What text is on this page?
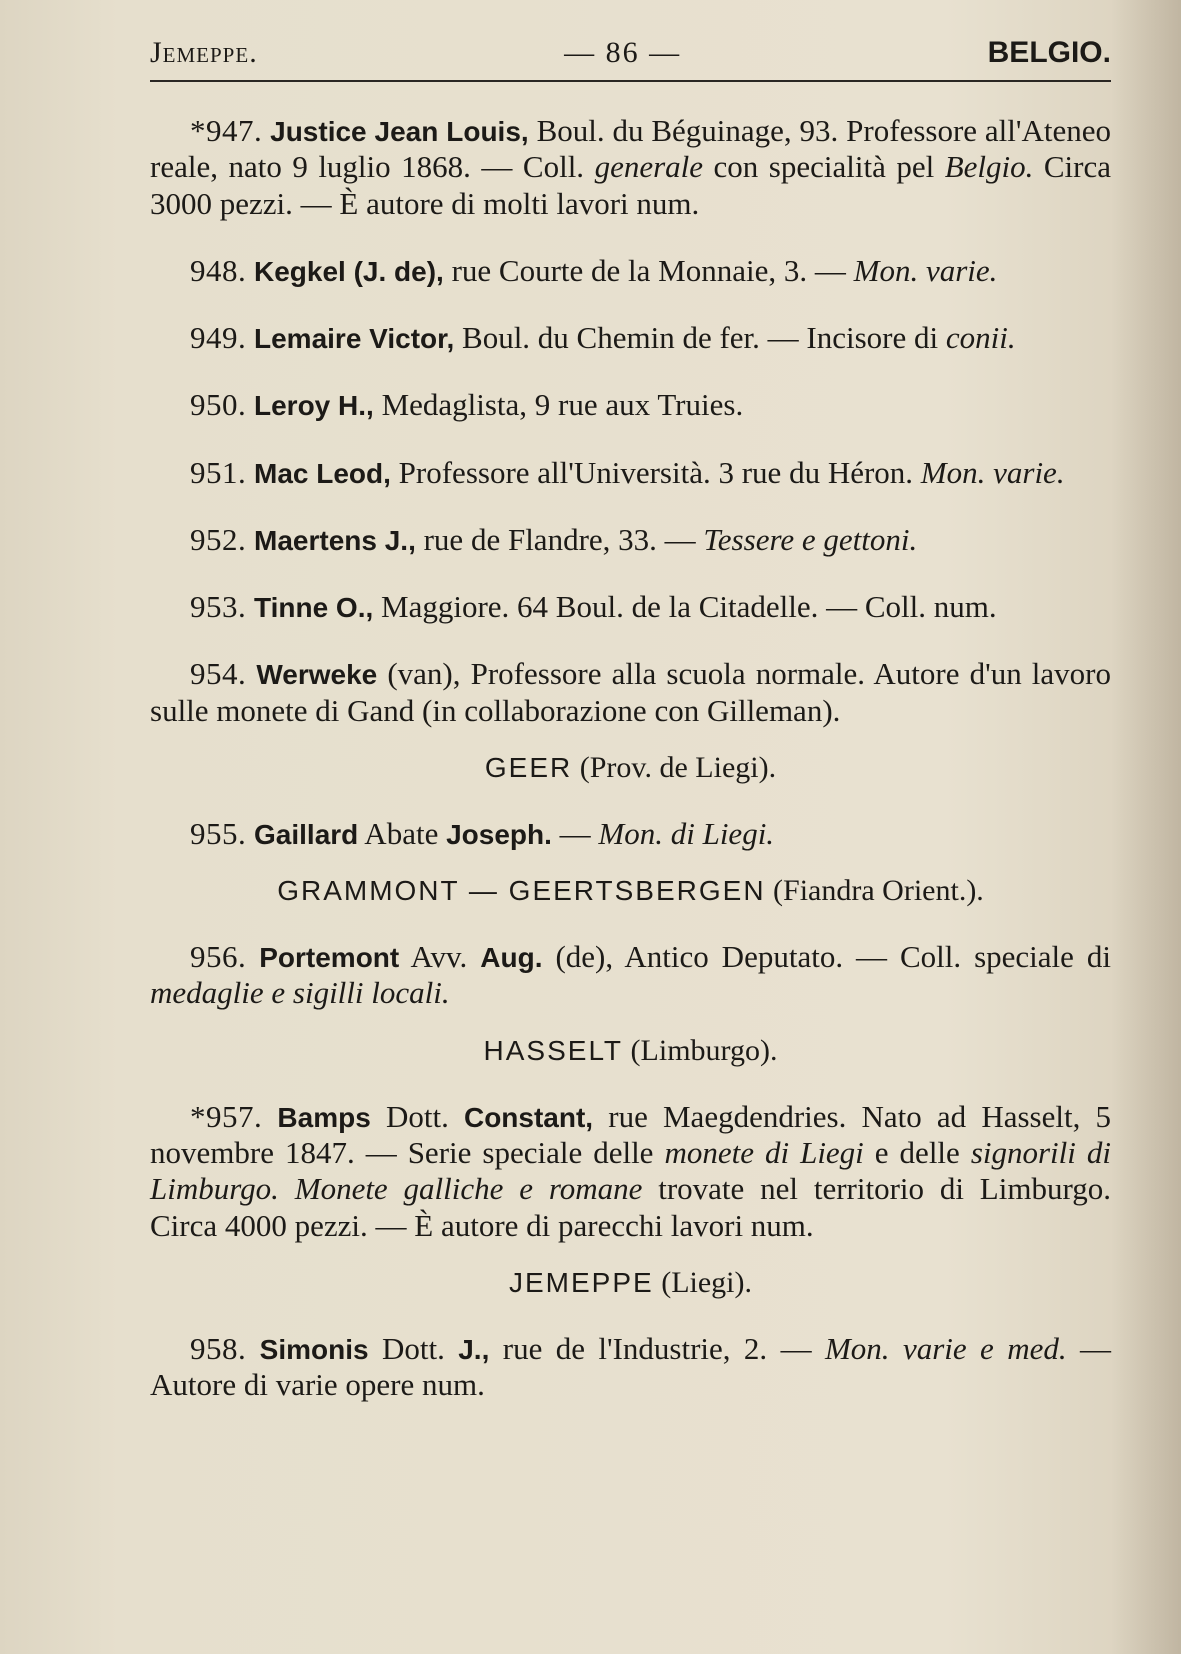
Jemeppe.	— 86 —	BELGIO.

*947. Justice Jean Louis, Boul. du Béguinage, 93. Professore all'Ateneo reale, nato 9 luglio 1868. — Coll. generale con specialità pel Belgio. Circa 3000 pezzi. — È autore di molti lavori num.

948. Kegkel (J. de), rue Courte de la Monnaie, 3. — Mon. varie.

949. Lemaire Victor, Boul. du Chemin de fer. — Incisore di conii.

950. Leroy H., Medaglista, 9 rue aux Truies.

951. Mac Leod, Professore all'Università. 3 rue du Héron. Mon. varie.

952. Maertens J., rue de Flandre, 33. — Tessere e gettoni.

953. Tinne O., Maggiore. 64 Boul. de la Citadelle. — Coll. num.

954. Werweke (van), Professore alla scuola normale. Autore d'un lavoro sulle monete di Gand (in collaborazione con Gilleman).

GEER (Prov. de Liegi).

955. Gaillard Abate Joseph. — Mon. di Liegi.

GRAMMONT — GEERTSBERGEN (Fiandra Orient.).

956. Portemont Avv. Aug. (de), Antico Deputato. — Coll. speciale di medaglie e sigilli locali.

HASSELT (Limburgo).

*957. Bamps Dott. Constant, rue Maegdendries. Nato ad Hasselt, 5 novembre 1847. — Serie speciale delle monete di Liegi e delle signorili di Limburgo. Monete galliche e romane trovate nel territorio di Limburgo. Circa 4000 pezzi. — È autore di parecchi lavori num.

JEMEPPE (Liegi).

958. Simonis Dott. J., rue de l'Industrie, 2. — Mon. varie e med. — Autore di varie opere num.
